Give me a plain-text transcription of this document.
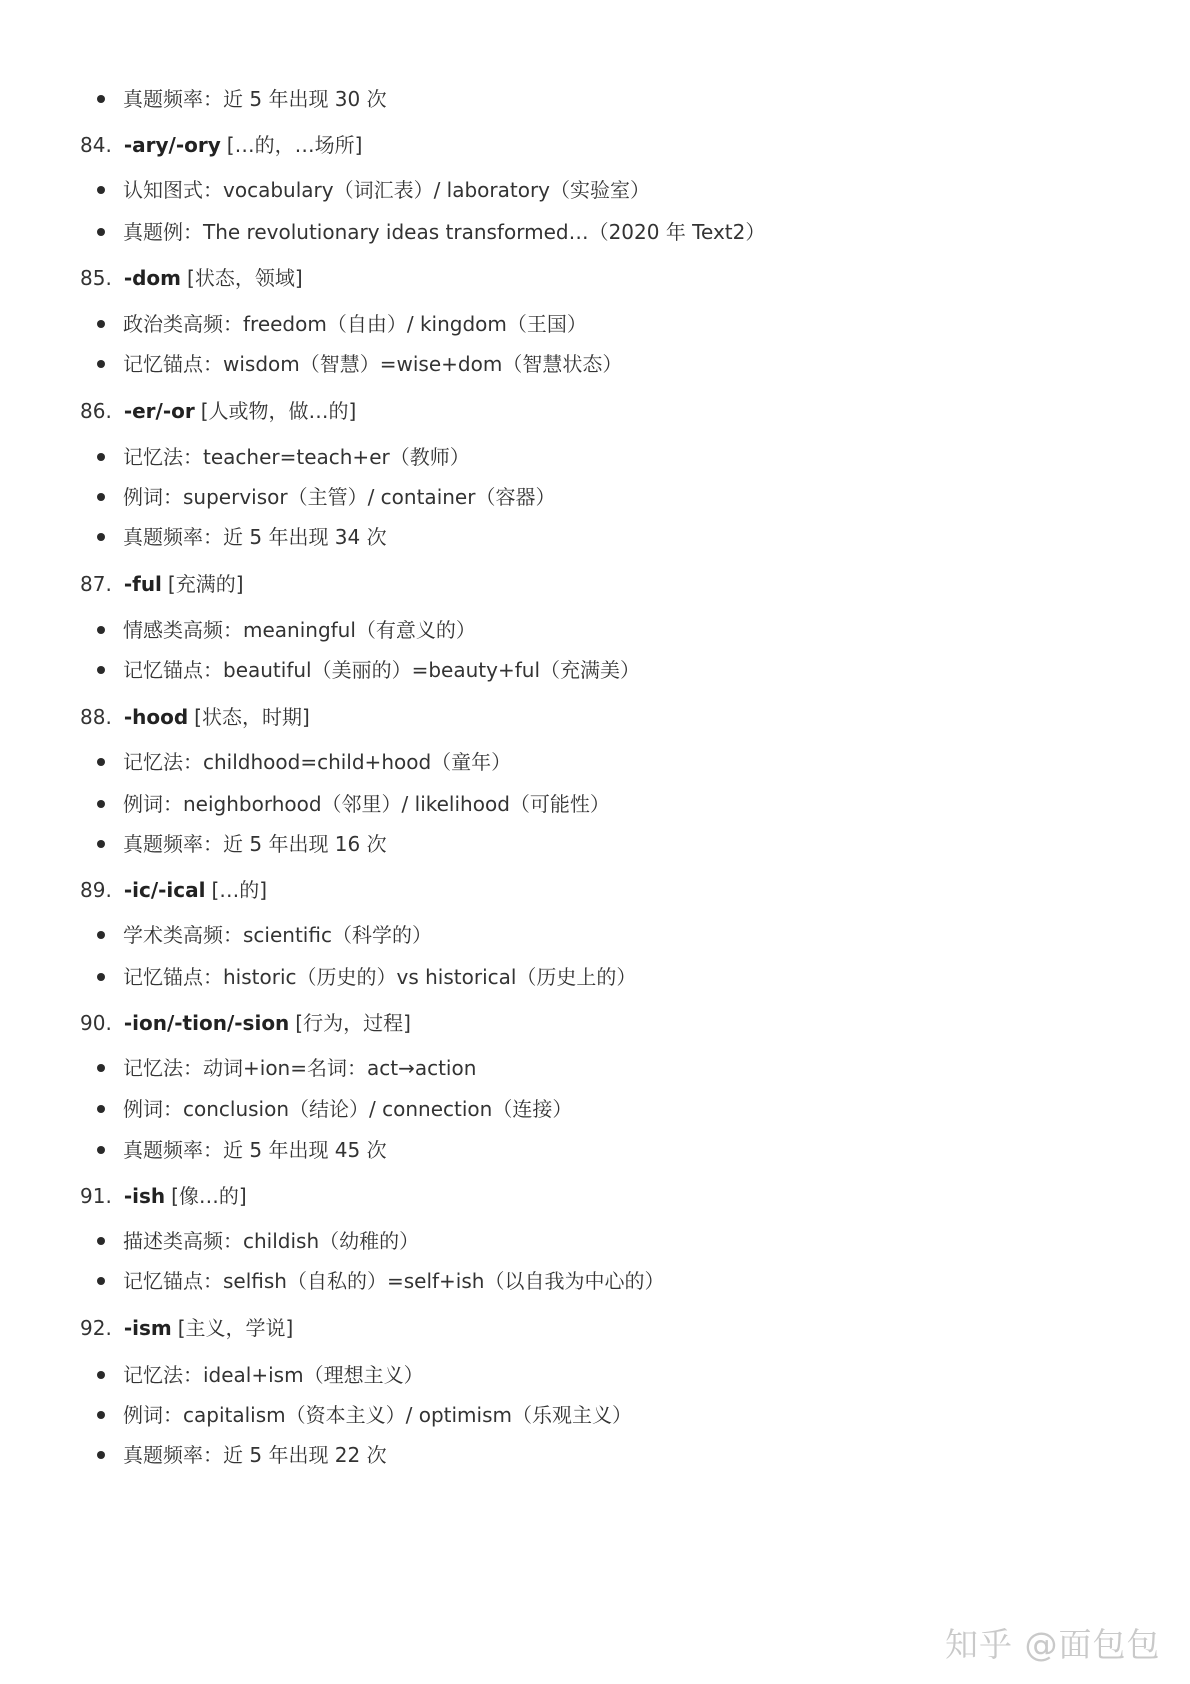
真题频率：近 5 年出现 30 次
84. -ary/-ory […的，…场所]
认知图式：vocabulary（词汇表）/ laboratory（实验室）
真题例：The revolutionary ideas transformed…（2020 年 Text2）
85. -dom [状态，领域]
政治类高频：freedom（自由）/ kingdom（王国）
记忆锚点：wisdom（智慧）=wise+dom（智慧状态）
86. -er/-or [人或物，做…的]
记忆法：teacher=teach+er（教师）
例词：supervisor（主管）/ container（容器）
真题频率：近 5 年出现 34 次
87. -ful [充满的]
情感类高频：meaningful（有意义的）
记忆锚点：beautiful（美丽的）=beauty+ful（充满美）
88. -hood [状态，时期]
记忆法：childhood=child+hood（童年）
例词：neighborhood（邻里）/ likelihood（可能性）
真题频率：近 5 年出现 16 次
89. -ic/-ical […的]
学术类高频：scientific（科学的）
记忆锚点：historic（历史的）vs historical（历史上的）
90. -ion/-tion/-sion [行为，过程]
记忆法：动词+ion=名词：act→action
例词：conclusion（结论）/ connection（连接）
真题频率：近 5 年出现 45 次
91. -ish [像…的]
描述类高频：childish（幼稚的）
记忆锚点：selfish（自私的）=self+ish（以自我为中心的）
92. -ism [主义，学说]
记忆法：ideal+ism（理想主义）
例词：capitalism（资本主义）/ optimism（乐观主义）
真题频率：近 5 年出现 22 次
知乎 @面包包
